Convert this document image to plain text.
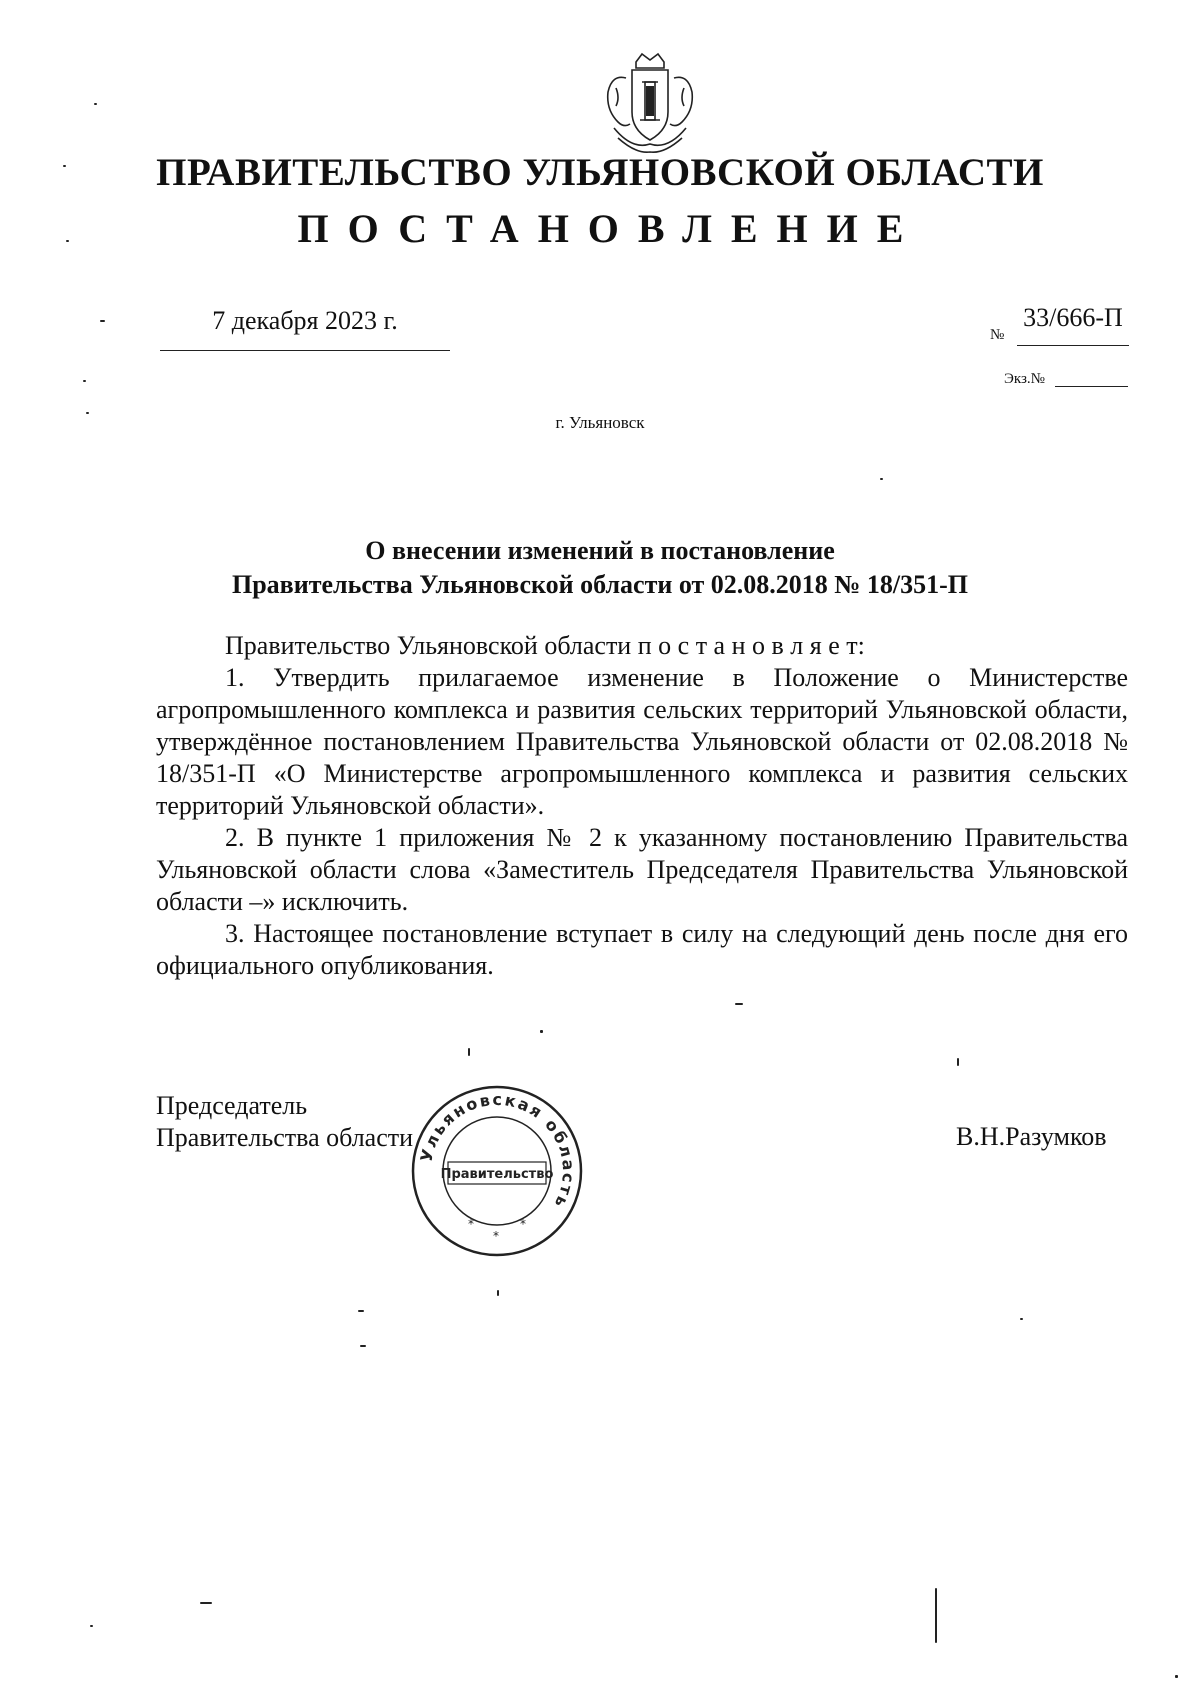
ПРАВИТЕЛЬСТВО УЛЬЯНОВСКОЙ ОБЛАСТИ
ПОСТАНОВЛЕНИЕ
7 декабря 2023 г.	№
33/666-П
Экз.№
г. Ульяновск
О внесении изменений в постановление
Правительства Ульяновской области от 02.08.2018 № 18/351-П

Правительство Ульяновской области п о с т а н о в л я е т:

1. Утвердить прилагаемое изменение в Положение о Министерстве агропромышленного комплекса и развития сельских территорий Ульяновской области, утверждённое постановлением Правительства Ульяновской области от 02.08.2018 № 18/351-П «О Министерстве агропромышленного комплекса и развития сельских территорий Ульяновской области».

2. В пункте 1 приложения № 2 к указанному постановлению Правительства Ульяновской области слова «Заместитель Председателя Правительства Ульяновской области –» исключить.

3. Настоящее постановление вступает в силу на следующий день после дня его официального опубликования.

Председатель
Правительства области	В.Н.Разумков
Ульяновская область
Правительство
*
*
*
